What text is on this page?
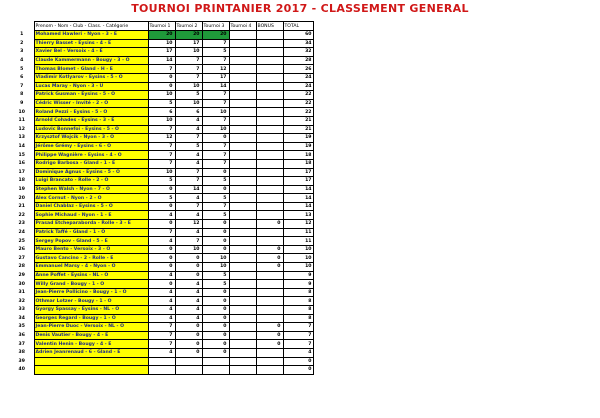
TOURNOI PRINTANIER 2017 - CLASSEMENT GENERAL
	Prenom - Nom - Club - Class. - Catégorie	Tournoi 1	Tournoi 2	Tournoi 3	Tournoi 4	BONUS	TOTAL
1	Mohamed Hawleri - Nyon - 3 - E	20	20	20			60
2	Thierry Basset - Eysins - 4 - E	10	17	7			34
3	Xavier Bel - Versoix - 4 - E	17	10	5			32
4	Claude Kammermann - Bougy - 3 - O	14	7	7			28
5	Thomas Blomet - Gland - H - E	7	7	12			26
6	Vladimir Kotlyarov - Eysins - 5 - O	0	7	17			24
7	Lucas Maray - Nyon - 3 - U	0	10	14			24
8	Patrick Gusman - Eysins - 5 - O	10	5	7			22
9	Cédric Wisser - Invité - 2 - O	5	10	7			22
10	Roland Pezzi - Eysins - 5 - O	6	6	10			22
11	Arnold Cohades - Eysins - 3 - E	10	4	7			21
12	Ludovic Bonnefoi - Eysins - 5 - O	7	4	10			21
13	Krzysztof Wojcik - Nyon - 3 - O	12	7	0			19
14	Jérôme Grémy - Eysins - 6 - O	7	5	7			19
15	Philippe Wagnière - Eysins - 4 - O	7	4	7			18
16	Rodrigo Barbosa - Gland - 1 - E	7	4	7			18
17	Dominique Agnus - Eysins - 5 - O	10	7	0			17
18	Luigi Brancato - Rolle - 2 - O	5	7	5			17
19	Stephen Walsh - Nyon - 7 - O	0	14	0			14
20	Alex Cornut - Nyon - 2 - O	5	4	5			14
21	Daniel Chablaz - Eysins - 5 - O	0	7	7			14
22	Sophie Michaud - Nyon - 1 - E	4	4	5			13
23	Prasad Etcheparaborda - Rolle - 3 - E	0	12	0		0	12
24	Patrick Taffé - Gland - 1 - O	7	4	0			11
25	Sergey Popov - Gland - 5 - E	4	7	0			11
26	Mauro Bento - Versoix - 3 - O	0	10	0		0	10
27	Gustavo Cancino - 2 - Rolle - E	0	0	10		0	10
28	Emmanuel Marsy - 4 - Nyon - O	0	0	10		0	10
29	Anne Poffet - Eysins - NL - O	4	0	5			9
30	Willy Grand - Bougy - 1 - O	0	4	5			9
31	Jean-Pierre Pollicino - Bougy - 1 - O	4	4	0			8
32	Othmar Lotzer - Bougy - 1 - O	4	4	0			8
33	Gyorgy Spassay - Eysins - NL - O	4	4	0			8
34	Georges Regard - Bougy - 1 - O	4	4	0			8
35	Jean-Pierre Duoc - Versoix - NL - O	7	0	0		0	7
36	Denis Vautier - Bougy - 4 - E	7	0	0		0	7
37	Valentin Henin - Bougy - 4 - E	7	0	0		0	7
38	Adrien Jeanrenaud - 6 - Gland - E	4	0	0			4
39							0
40							0
